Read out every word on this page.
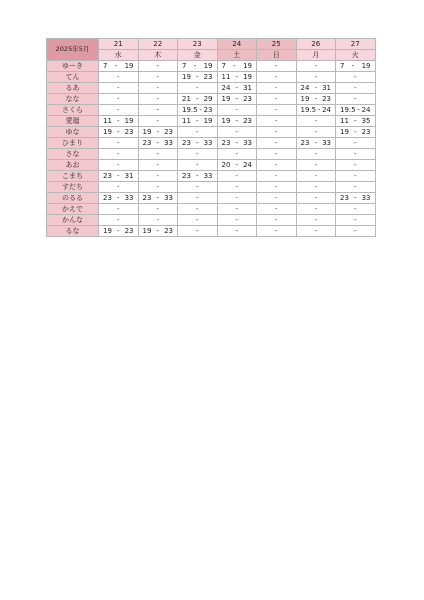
2025年5月	21	22	23	24	25	26	27
	水	木	金	土	日	月	火
ゆーき	7 - 19	-	7 - 19	7 - 19	-	-	7 - 19

てん	-	-	19 - 23	11 - 19	-	-	-
るあ	-	-	-	24 - 31	-	24 - 31	-
なな	-	-	21 - 29	19 - 23	-	19 - 23	-
さくら	-	-	19.5 - 23	-	-	19.5 - 24	19.5 - 24

愛瑠	11 - 19	-	11 - 19	19 - 23	-	-	11 - 35

ゆな	19 - 23	19 - 23	-	-	-	-	19 - 23

ひまり	-	23 - 33	23 - 33	23 - 33	-	23 - 33	-
さな	-	-	-	-	-	-	-
あお	-	-	-	20 - 24	-	-	-
こまち	23 - 31	-	23 - 33	-	-	-	-
すだち	-	-	-	-	-	-	-
のるる	23 - 33	23 - 33	-	-	-	-	23 - 33

かえで	-	-	-	-	-	-	-
かんな	-	-	-	-	-	-	-
るな	19 - 23	19 - 23	-	-	-	-	-
